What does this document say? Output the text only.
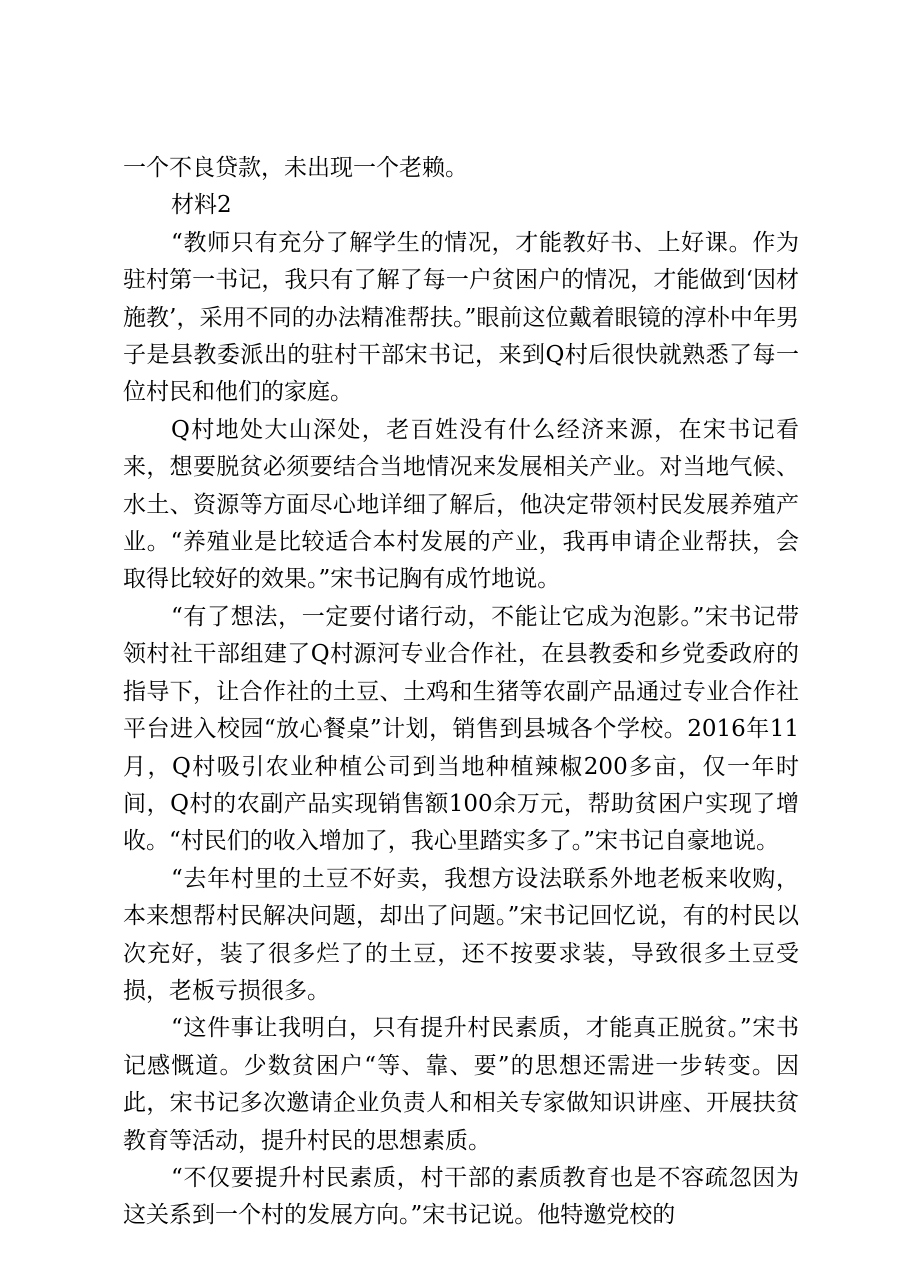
一个不良贷款，未出现一个老赖。

材料2

“教师只有充分了解学生的情况，才能教好书、上好课。作为驻村第一书记，我只有了解了每一户贫困户的情况，才能做到‘因材施教’，采用不同的办法精准帮扶。”眼前这位戴着眼镜的淳朴中年男子是县教委派出的驻村干部宋书记，来到Q村后很快就熟悉了每一位村民和他们的家庭。

Q村地处大山深处，老百姓没有什么经济来源，在宋书记看来，想要脱贫必须要结合当地情况来发展相关产业。对当地气候、水土、资源等方面尽心地详细了解后，他决定带领村民发展养殖产业。“养殖业是比较适合本村发展的产业，我再申请企业帮扶，会取得比较好的效果。”宋书记胸有成竹地说。

“有了想法，一定要付诸行动，不能让它成为泡影。”宋书记带领村社干部组建了Q村源河专业合作社，在县教委和乡党委政府的指导下，让合作社的土豆、土鸡和生猪等农副产品通过专业合作社平台进入校园“放心餐桌”计划，销售到县城各个学校。2016年11月，Q村吸引农业种植公司到当地种植辣椒200多亩，仅一年时间，Q村的农副产品实现销售额100余万元，帮助贫困户实现了增收。“村民们的收入增加了，我心里踏实多了。”宋书记自豪地说。

“去年村里的土豆不好卖，我想方设法联系外地老板来收购，本来想帮村民解决问题，却出了问题。”宋书记回忆说，有的村民以次充好，装了很多烂了的土豆，还不按要求装，导致很多土豆受损，老板亏损很多。

“这件事让我明白，只有提升村民素质，才能真正脱贫。”宋书记感慨道。少数贫困户“等、靠、要”的思想还需进一步转变。因此，宋书记多次邀请企业负责人和相关专家做知识讲座、开展扶贫教育等活动，提升村民的思想素质。

“不仅要提升村民素质，村干部的素质教育也是不容疏忽因为这关系到一个村的发展方向。”宋书记说。他特邀党校的
